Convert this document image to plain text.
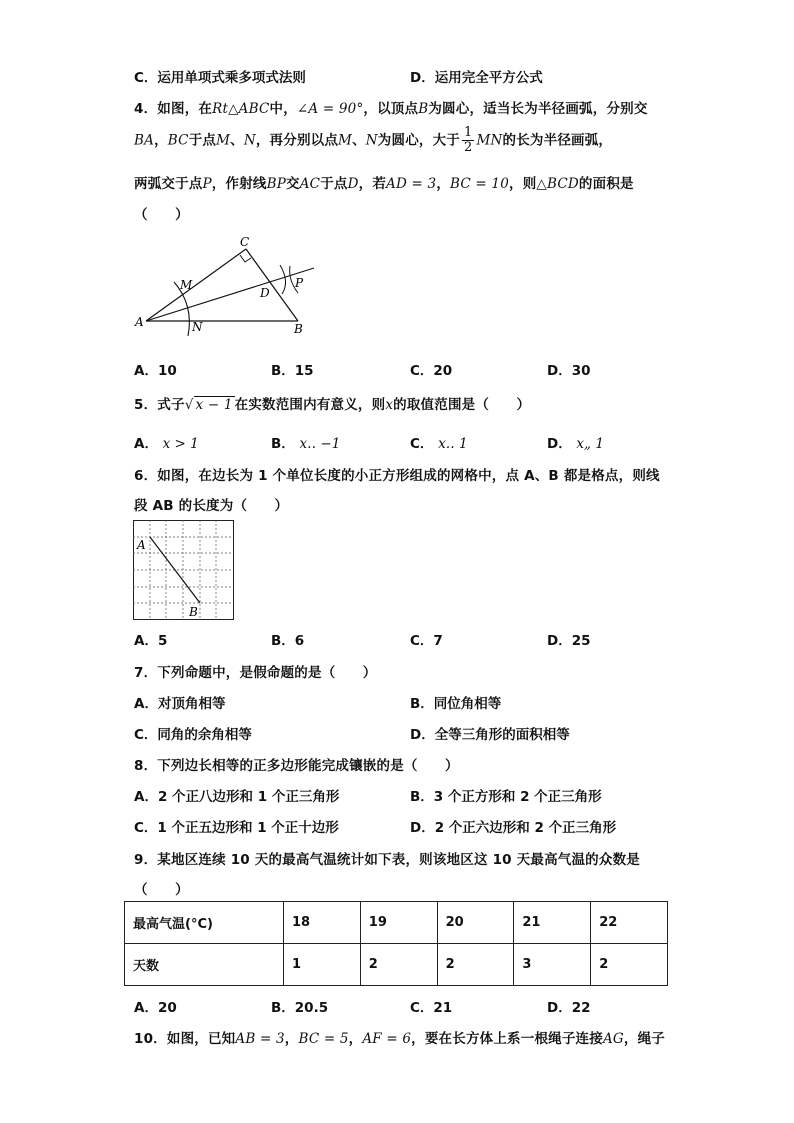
C．运用单项式乘多项式法则	D．运用完全平方公式
4．如图，在Rt△ABC中，∠A = 90°，以顶点B为圆心，适当长为半径画弧，分别交
BA，BC于点M、N，再分别以点M、N为圆心，大于 $\frac{1}{2}$ MN的长为半径画弧，
两弧交于点P，作射线BP交AC于点D，若AD = 3，BC = 10，则△BCD的面积是
（　　）
C
A	B
M
N
D
P
A．10	B．15	C．20	D．30
5．式子√ x − 1 在实数范围内有意义，则x的取值范围是（　　）
A． x > 1	B． x‥ −1	C． x‥ 1	D． x„ 1
6．如图，在边长为 1 个单位长度的小正方形组成的网格中，点 A、B 都是格点，则线
段 AB 的长度为（　　）
A
B
A．5	B．6	C．7	D．25
7．下列命题中，是假命题的是（　　）
A．对顶角相等	B．同位角相等
C．同角的余角相等	D．全等三角形的面积相等
8．下列边长相等的正多边形能完成镶嵌的是（　　）
A．2 个正八边形和 1 个正三角形	B．3 个正方形和 2 个正三角形
C．1 个正五边形和 1 个正十边形	D．2 个正六边形和 2 个正三角形
9．某地区连续 10 天的最高气温统计如下表，则该地区这 10 天最高气温的众数是
（　　）
最高气温(°C)	18	19	20	21	22
天数	1	2	2	3	2
A．20	B．20.5	C．21	D．22
10．如图，已知AB = 3，BC = 5，AF = 6，要在长方体上系一根绳子连接AG，绳子
